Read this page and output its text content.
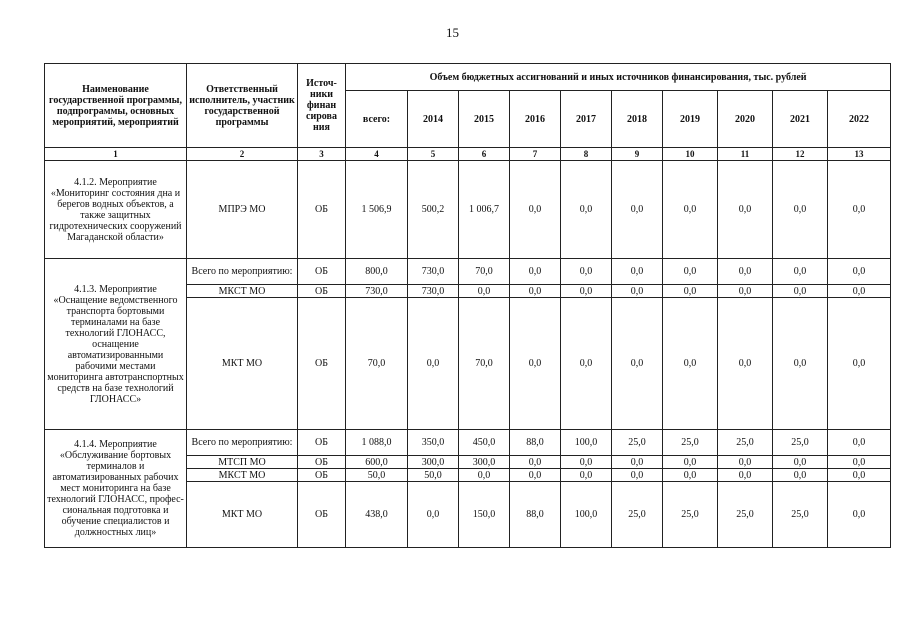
15
Наименование государственной программы, подпрограммы, основных мероприятий, мероприятий	Ответственный исполнитель, участник государственной программы	Источ-ники финан сирова ния	Объем бюджетных ассигнований и иных источников финансирования, тыс. рублей									
			всего:	2014	2015	2016	2017	2018	2019	2020	2021	2022
1	2	3	4	5	6	7	8	9	10	11	12	13
4.1.2. Мероприятие «Мониторинг состояния дна и берегов водных объектов, а также защитных гидротехнических сооружений Магаданской области»	МПРЭ МО	ОБ	1 506,9	500,2	1 006,7	0,0	0,0	0,0	0,0	0,0	0,0	0,0
4.1.3. Мероприятие «Оснащение ведомственного транспорта бортовыми терминалами на базе технологий ГЛОНАСС, оснащение автоматизированными рабочими местами мониторинга автотранспортных средств на базе технологий ГЛОНАСС»	Всего по мероприятию:	ОБ	800,0	730,0	70,0	0,0	0,0	0,0	0,0	0,0	0,0	0,0
	МКСТ МО	ОБ	730,0	730,0	0,0	0,0	0,0	0,0	0,0	0,0	0,0	0,0
	МКТ МО	ОБ	70,0	0,0	70,0	0,0	0,0	0,0	0,0	0,0	0,0	0,0
4.1.4. Мероприятие «Обслуживание бортовых терминалов и автоматизированных рабочих мест мониторинга на базе технологий ГЛОНАСС, профес-сиональная подготовка и обучение специалистов и должностных лиц»	Всего по мероприятию:	ОБ	1 088,0	350,0	450,0	88,0	100,0	25,0	25,0	25,0	25,0	0,0
	МТСП МО	ОБ	600,0	300,0	300,0	0,0	0,0	0,0	0,0	0,0	0,0	0,0
	МКСТ МО	ОБ	50,0	50,0	0,0	0,0	0,0	0,0	0,0	0,0	0,0	0,0
	МКТ МО	ОБ	438,0	0,0	150,0	88,0	100,0	25,0	25,0	25,0	25,0	0,0
